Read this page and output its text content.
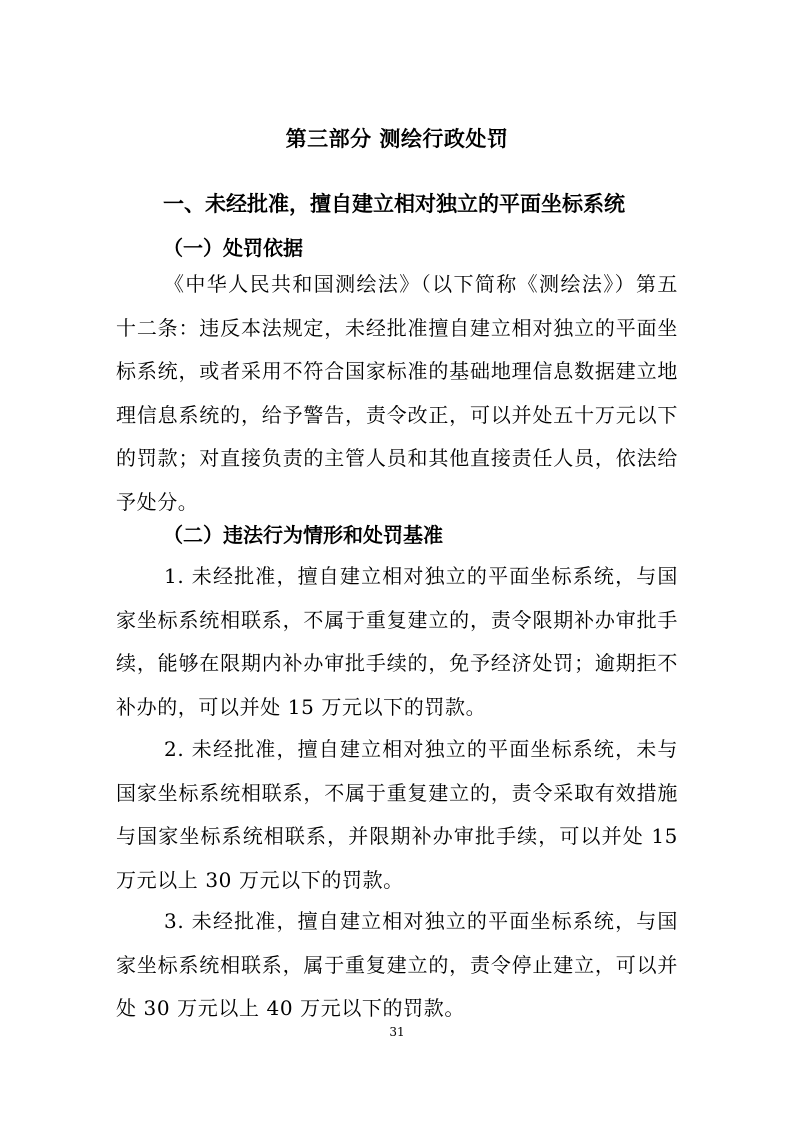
第三部分 测绘行政处罚
一、未经批准，擅自建立相对独立的平面坐标系统
（一）处罚依据

《中华人民共和国测绘法》（以下简称《测绘法》）第五十二条：违反本法规定，未经批准擅自建立相对独立的平面坐标系统，或者采用不符合国家标准的基础地理信息数据建立地理信息系统的，给予警告，责令改正，可以并处五十万元以下的罚款；对直接负责的主管人员和其他直接责任人员，依法给予处分。

（二）违法行为情形和处罚基准

1. 未经批准，擅自建立相对独立的平面坐标系统，与国家坐标系统相联系，不属于重复建立的，责令限期补办审批手续，能够在限期内补办审批手续的，免予经济处罚；逾期拒不补办的，可以并处 15 万元以下的罚款。

2. 未经批准，擅自建立相对独立的平面坐标系统，未与国家坐标系统相联系，不属于重复建立的，责令采取有效措施与国家坐标系统相联系，并限期补办审批手续，可以并处 15 万元以上 30 万元以下的罚款。

3. 未经批准，擅自建立相对独立的平面坐标系统，与国家坐标系统相联系，属于重复建立的，责令停止建立，可以并处 30 万元以上 40 万元以下的罚款。

31
